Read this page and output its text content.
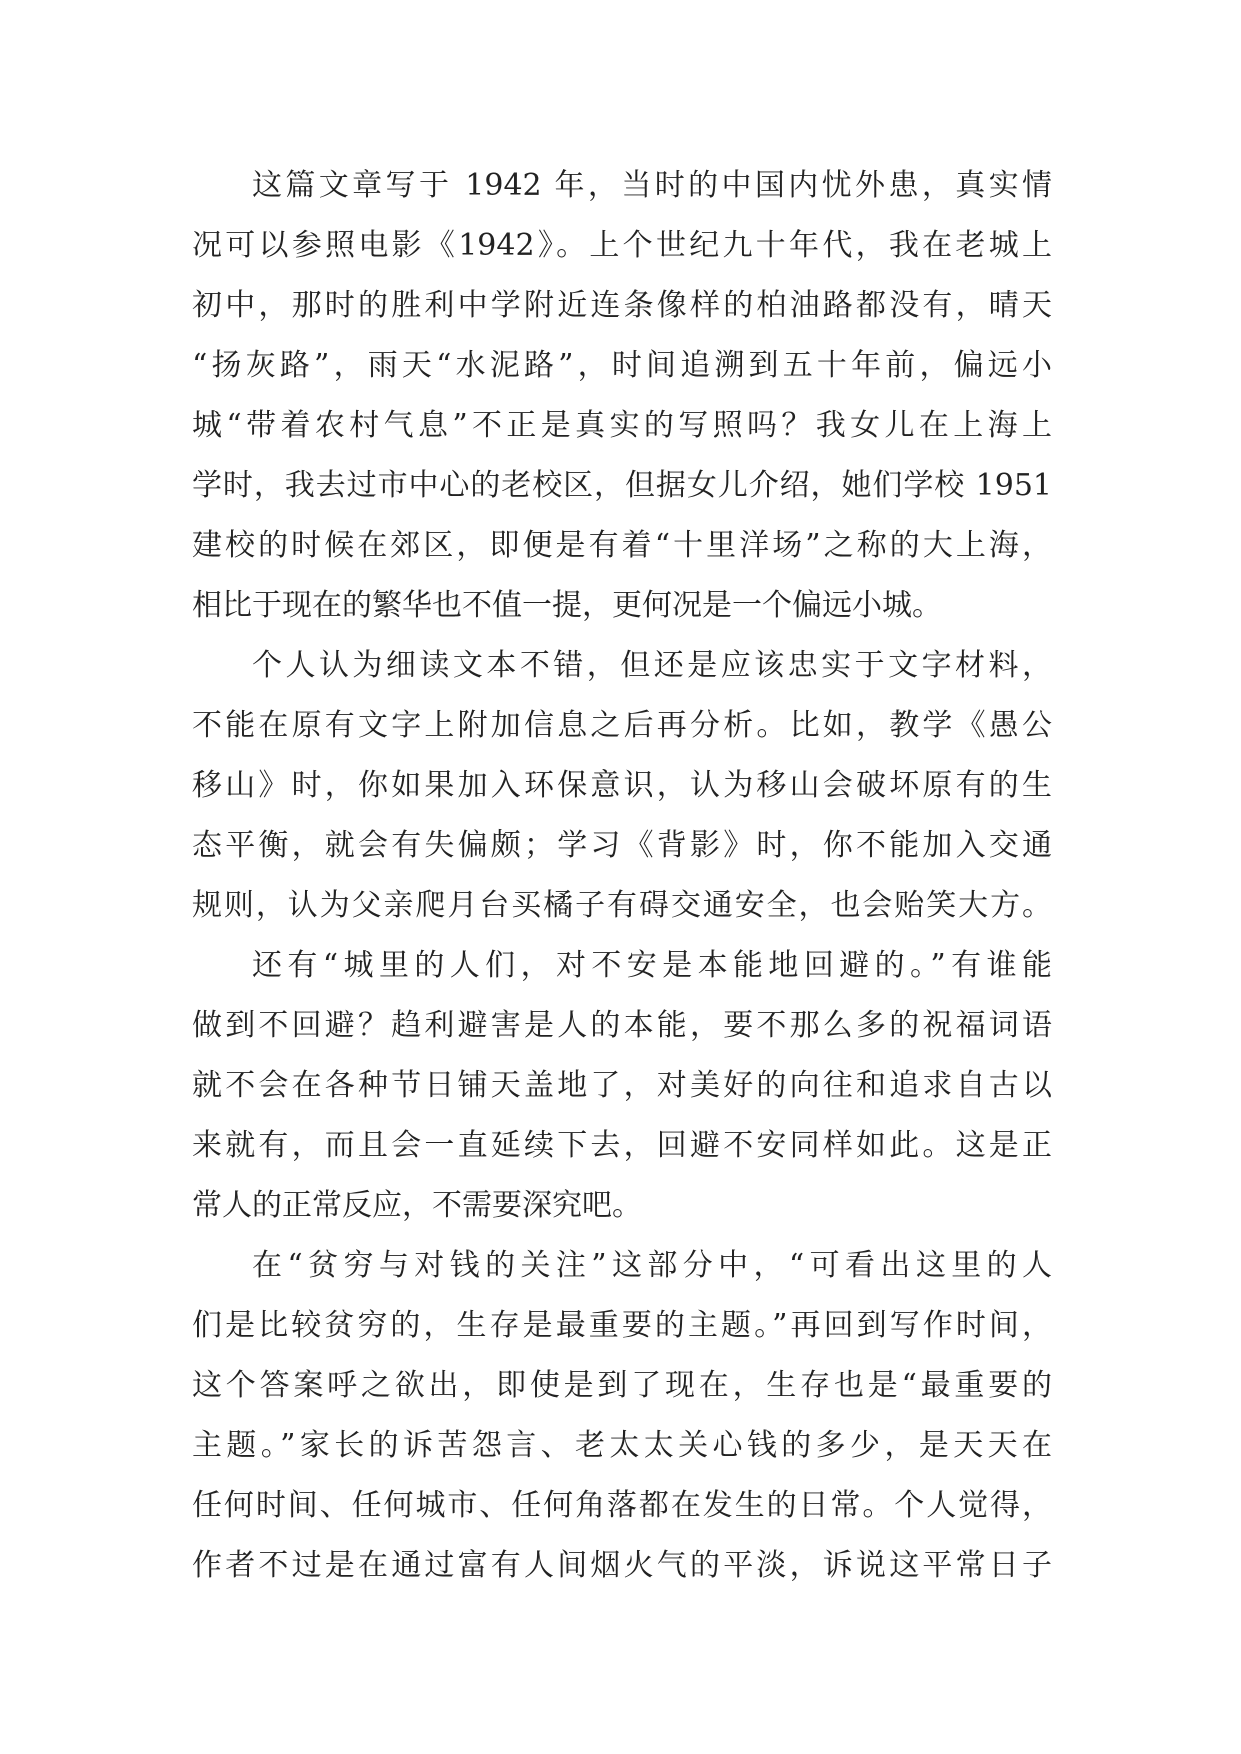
这篇文章写于 1942 年，当时的中国内忧外患，真实情
况可以参照电影《1942》。上个世纪九十年代，我在老城上
初中，那时的胜利中学附近连条像样的柏油路都没有，晴天
“扬灰路”，雨天“水泥路”，时间追溯到五十年前，偏远小
城“带着农村气息”不正是真实的写照吗？我女儿在上海上
学时，我去过市中心的老校区，但据女儿介绍，她们学校 1951
建校的时候在郊区，即便是有着“十里洋场”之称的大上海，
相比于现在的繁华也不值一提，更何况是一个偏远小城。
个人认为细读文本不错，但还是应该忠实于文字材料，
不能在原有文字上附加信息之后再分析。比如，教学《愚公
移山》时，你如果加入环保意识，认为移山会破坏原有的生
态平衡，就会有失偏颇；学习《背影》时，你不能加入交通
规则，认为父亲爬月台买橘子有碍交通安全，也会贻笑大方。
还有“城里的人们，对不安是本能地回避的。”有谁能
做到不回避？趋利避害是人的本能，要不那么多的祝福词语
就不会在各种节日铺天盖地了，对美好的向往和追求自古以
来就有，而且会一直延续下去，回避不安同样如此。这是正
常人的正常反应，不需要深究吧。
在“贫穷与对钱的关注”这部分中，“可看出这里的人
们是比较贫穷的，生存是最重要的主题。”再回到写作时间，
这个答案呼之欲出，即使是到了现在，生存也是“最重要的
主题。”家长的诉苦怨言、老太太关心钱的多少，是天天在
任何时间、任何城市、任何角落都在发生的日常。个人觉得，
作者不过是在通过富有人间烟火气的平淡，诉说这平常日子
